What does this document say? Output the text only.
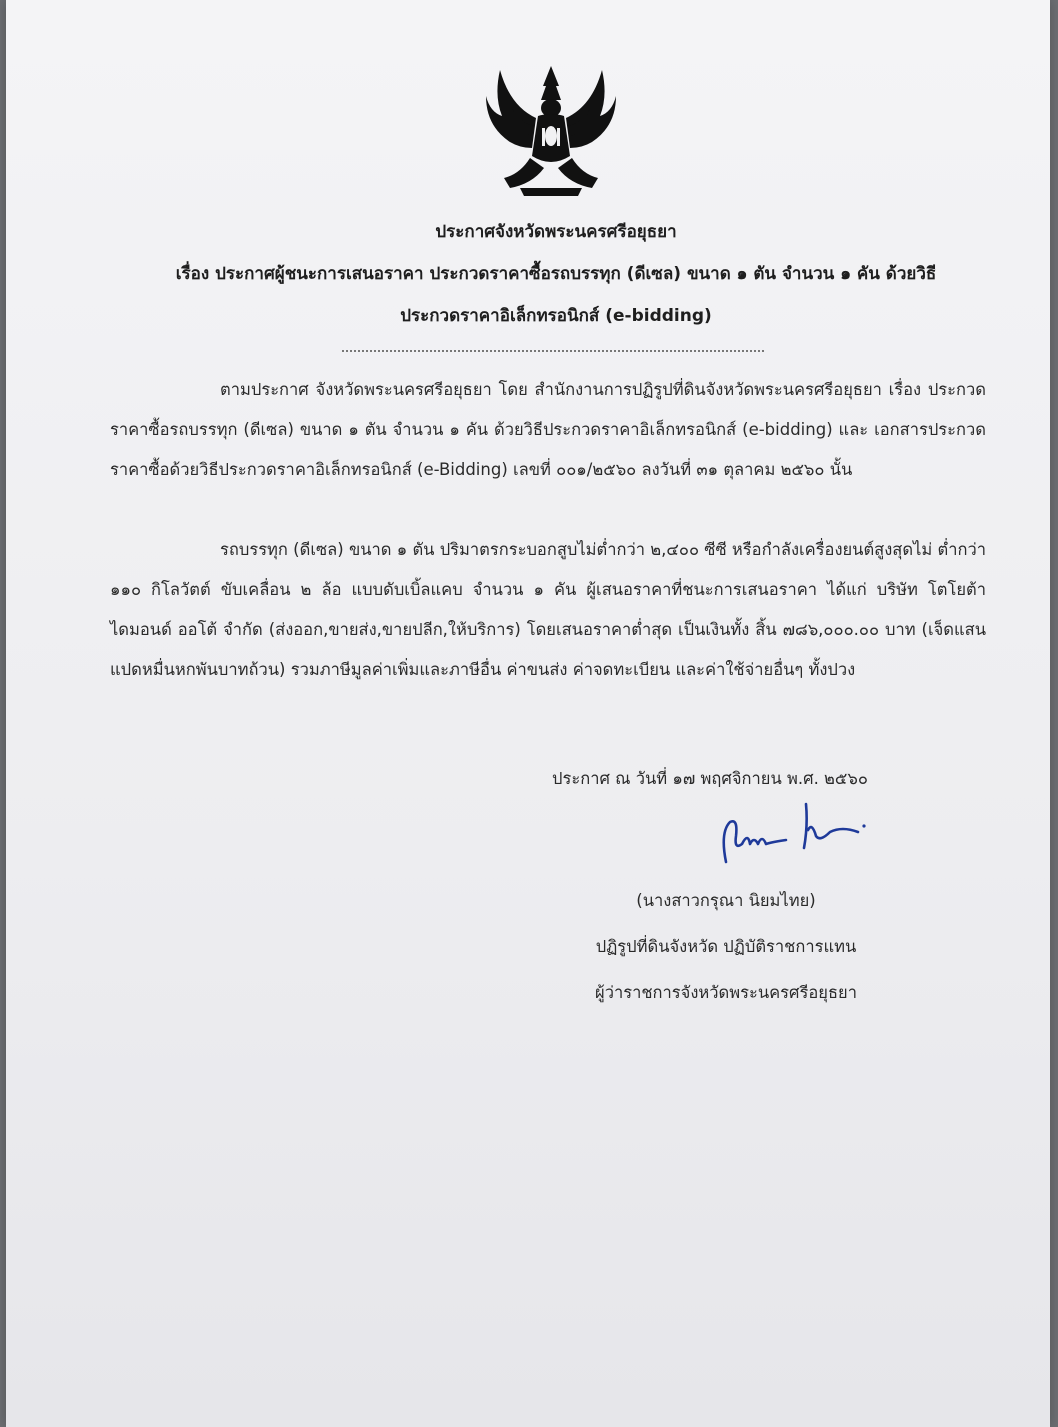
ประกาศจังหวัดพระนครศรีอยุธยา
เรื่อง ประกาศผู้ชนะการเสนอราคา ประกวดราคาซื้อรถบรรทุก (ดีเซล) ขนาด ๑ ตัน จำนวน ๑ คัน ด้วยวิธี
ประกวดราคาอิเล็กทรอนิกส์ (e-bidding)
ตามประกาศ จังหวัดพระนครศรีอยุธยา โดย สำนักงานการปฏิรูปที่ดินจังหวัดพระนครศรีอยุธยา เรื่อง ประกวดราคาซื้อรถบรรทุก (ดีเซล) ขนาด ๑ ตัน จำนวน ๑ คัน ด้วยวิธีประกวดราคาอิเล็กทรอนิกส์ (e-bidding) และ เอกสารประกวดราคาซื้อด้วยวิธีประกวดราคาอิเล็กทรอนิกส์ (e-Bidding) เลขที่ ๐๐๑/๒๕๖๐ ลงวันที่ ๓๑ ตุลาคม ๒๕๖๐ นั้น
รถบรรทุก (ดีเซล) ขนาด ๑ ตัน ปริมาตรกระบอกสูบไม่ต่ำกว่า ๒,๔๐๐ ซีซี หรือกำลังเครื่องยนต์สูงสุดไม่ ต่ำกว่า ๑๑๐ กิโลวัตต์ ขับเคลื่อน ๒ ล้อ แบบดับเบิ้ลแคบ จำนวน ๑ คัน ผู้เสนอราคาที่ชนะการเสนอราคา ได้แก่ บริษัท โตโยต้า ไดมอนด์ ออโต้ จำกัด (ส่งออก,ขายส่ง,ขายปลีก,ให้บริการ) โดยเสนอราคาต่ำสุด เป็นเงินทั้ง สิ้น ๗๘๖,๐๐๐.๐๐ บาท (เจ็ดแสนแปดหมื่นหกพันบาทถ้วน) รวมภาษีมูลค่าเพิ่มและภาษีอื่น ค่าขนส่ง ค่าจดทะเบียน และค่าใช้จ่ายอื่นๆ ทั้งปวง
ประกาศ ณ วันที่ ๑๗ พฤศจิกายน พ.ศ. ๒๕๖๐
(นางสาวกรุณา นิยมไทย)
ปฏิรูปที่ดินจังหวัด ปฏิบัติราชการแทน
ผู้ว่าราชการจังหวัดพระนครศรีอยุธยา
